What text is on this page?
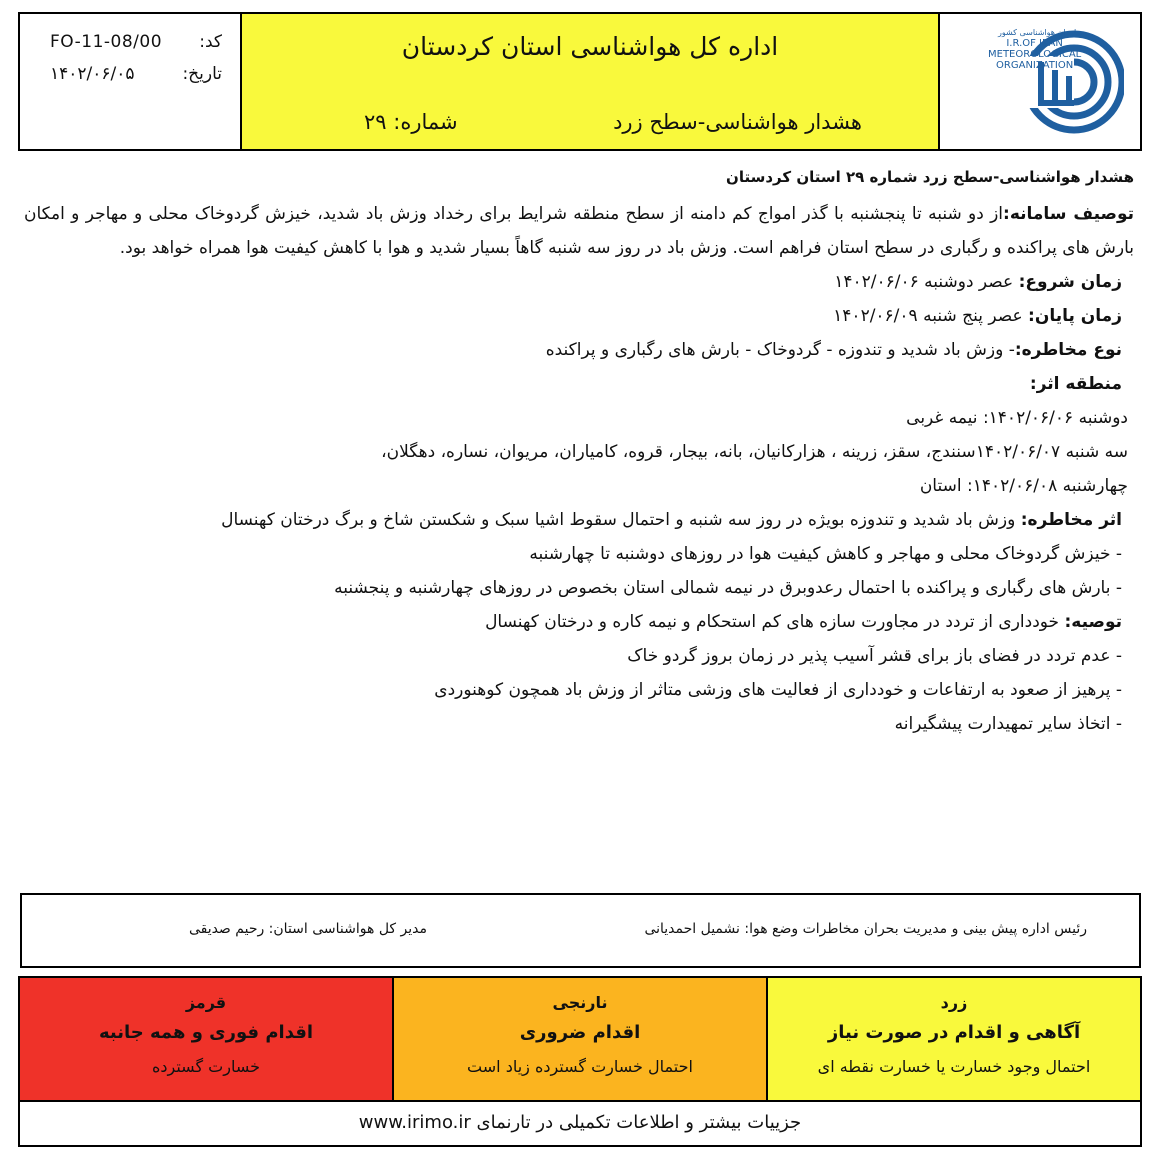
FO-11-08/00 کد:
۱۴۰۲/۰۶/۰۵	تاریخ:
اداره کل هواشناسی استان کردستان
هشدار هواشناسی-سطح زرد
شماره: ۲۹
سازمان هواشناسی کشور
I.R.OF IRAN
METEOROLOGICAL
ORGANIZATION
هشدار هواشناسی-سطح زرد شماره ۲۹ استان کردستان

توصیف سامانه:از دو شنبه تا پنجشنبه با گذر امواج کم دامنه از سطح منطقه شرایط برای رخداد وزش باد شدید، خیزش گردوخاک محلی و مهاجر و امکان بارش های پراکنده و رگباری در سطح استان فراهم است. وزش باد در روز سه شنبه گاهاً بسیار شدید و هوا با کاهش کیفیت هوا همراه خواهد بود.

زمان شروع: عصر دوشنبه ۱۴۰۲/۰۶/۰۶

زمان پایان: عصر پنج شنبه ۱۴۰۲/۰۶/۰۹

نوع مخاطره:- وزش باد شدید و تندوزه - گردوخاک - بارش های رگباری و پراکنده

منطقه اثر:

دوشنبه ۱۴۰۲/۰۶/۰۶: نیمه غربی

سه شنبه ۱۴۰۲/۰۶/۰۷سنندج، سقز، زرینه ، هزارکانیان، بانه، بیجار، قروه، کامیاران، مریوان، نساره، دهگلان،

چهارشنبه ۱۴۰۲/۰۶/۰۸: استان

اثر مخاطره: وزش باد شدید و تندوزه بویژه در روز سه شنبه و احتمال سقوط اشیا سبک و شکستن شاخ و برگ درختان کهنسال

- خیزش گردوخاک محلی و مهاجر و کاهش کیفیت هوا در روزهای دوشنبه تا چهارشنبه

- بارش های رگباری و پراکنده با احتمال رعدوبرق در نیمه شمالی استان بخصوص در روزهای چهارشنبه و پنجشنبه

توصیه: خودداری از تردد در مجاورت سازه های کم استحکام و نیمه کاره و درختان کهنسال

- عدم تردد در فضای باز برای قشر آسیب پذیر در زمان بروز گردو خاک

- پرهیز از صعود به ارتفاعات و خودداری از فعالیت های وزشی متاثر از وزش باد همچون کوهنوردی

- اتخاذ سایر تمهیدارت پیشگیرانه

رئیس اداره پیش بینی و مدیریت بحران مخاطرات وضع هوا: نشمیل احمدیانی
مدیر کل هواشناسی استان: رحیم صدیقی
قرمز
اقدام فوری و همه جانبه
خسارت گسترده
نارنجی
اقدام ضروری
احتمال خسارت گسترده زیاد است
زرد
آگاهی و اقدام در صورت نیاز
احتمال وجود خسارت یا خسارت نقطه ای
جزییات بیشتر و اطلاعات تکمیلی در تارنمای www.irimo.ir
